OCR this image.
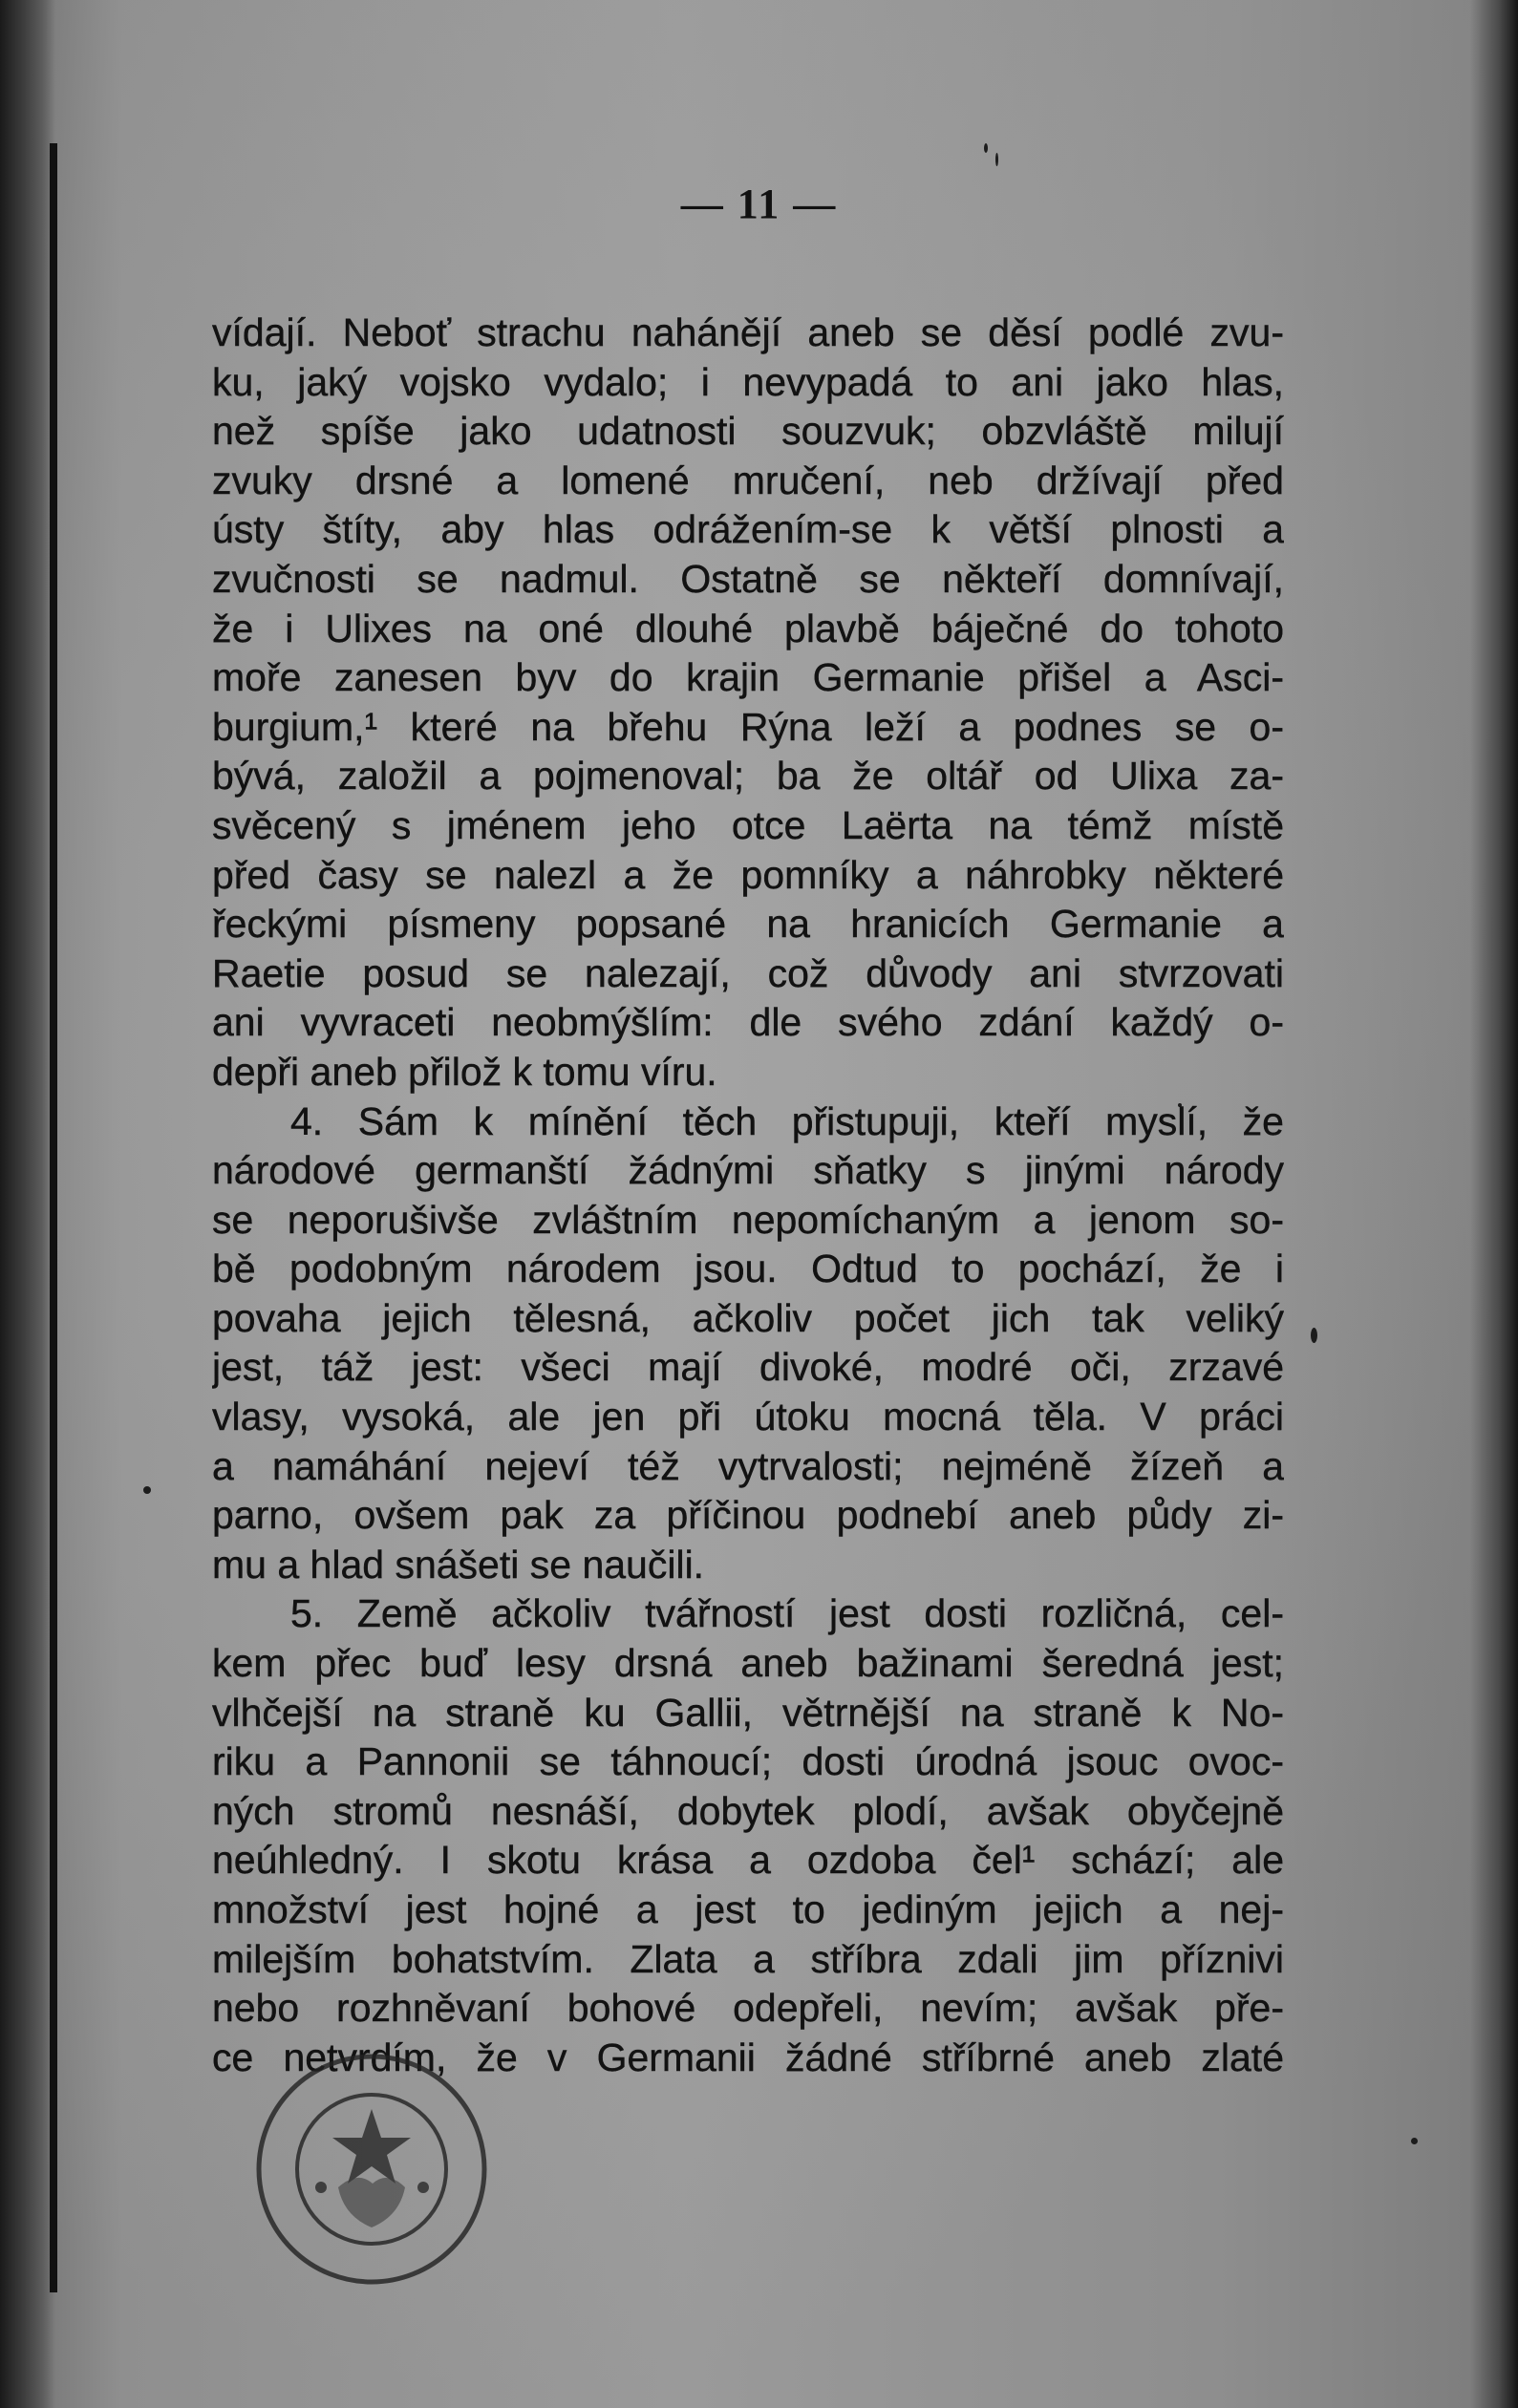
— 11 —
vídají. Neboť strachu nahánějí aneb se děsí podlé zvu-
ku, jaký vojsko vydalo; i nevypadá to ani jako hlas,
než spíše jako udatnosti souzvuk; obzvláště milují
zvuky drsné a lomené mručení, neb držívají před
ústy štíty, aby hlas odrážením-se k větší plnosti a
zvučnosti se nadmul. Ostatně se někteří domnívají,
že i Ulixes na oné dlouhé plavbě báječné do tohoto
moře zanesen byv do krajin Germanie přišel a Asci-
burgium,¹ které na břehu Rýna leží a podnes se o-
bývá, založil a pojmenoval; ba že oltář od Ulixa za-
svěcený s jménem jeho otce Laërta na témž místě
před časy se nalezl a že pomníky a náhrobky některé
řeckými písmeny popsané na hranicích Germanie a
Raetie posud se nalezají, což důvody ani stvrzovati
ani vyvraceti neobmýšlím: dle svého zdání každý o-
depři aneb přilož k tomu víru.
4. Sám k mínění těch přistupuji, kteří myslí, že
národové germanští žádnými sňatky s jinými národy
se neporušivše zvláštním nepomíchaným a jenom so-
bě podobným národem jsou. Odtud to pochází, že i
povaha jejich tělesná, ačkoliv počet jich tak veliký
jest, táž jest: všeci mají divoké, modré oči, zrzavé
vlasy, vysoká, ale jen při útoku mocná těla. V práci
a namáhání nejeví též vytrvalosti; nejméně žízeň a
parno, ovšem pak za příčinou podnebí aneb půdy zi-
mu a hlad snášeti se naučili.
5. Země ačkoliv tvářností jest dosti rozličná, cel-
kem přec buď lesy drsná aneb bažinami šeredná jest;
vlhčejší na straně ku Gallii, větrnější na straně k No-
riku a Pannonii se táhnoucí; dosti úrodná jsouc ovoc-
ných stromů nesnáší, dobytek plodí, avšak obyčejně
neúhledný. I skotu krása a ozdoba čel¹ schází; ale
množství jest hojné a jest to jediným jejich a nej-
milejším bohatstvím. Zlata a stříbra zdali jim příznivi
nebo rozhněvaní bohové odepřeli, nevím; avšak pře-
ce netvrdím, že v Germanii žádné stříbrné aneb zlaté
